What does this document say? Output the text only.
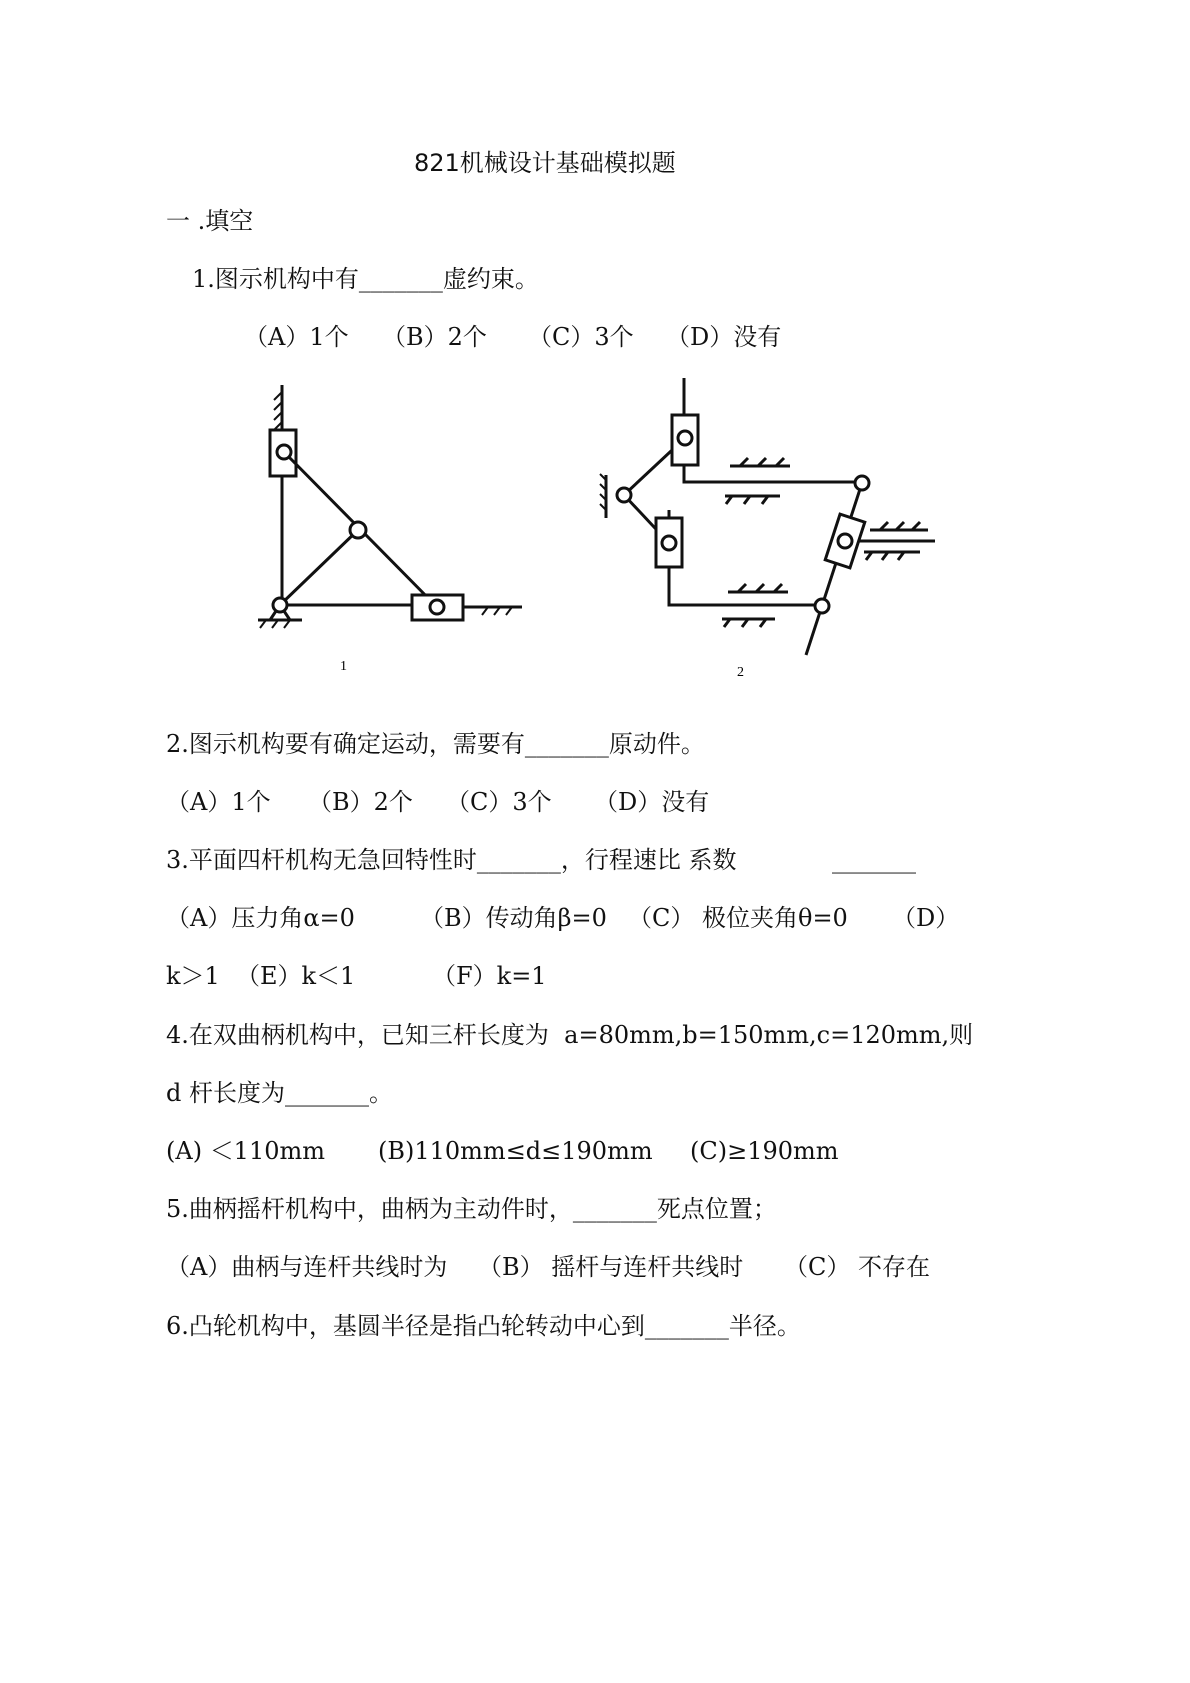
821机械设计基础模拟题
一 .填空
1.图示机构中有_______虚约束。
（A）1个 （B）2个 （C）3个 （D）没有
1	2
2.图示机构要有确定运动，需要有_______原动件。
（A）1个 （B）2个 （C）3个 （D）没有
3.平面四杆机构无急回特性时_______，行程速比 系数	_______
（A）压力角α=0	（B）传动角β=0 （C） 极位夹角θ=0 （D）
k＞1 （E）k＜1	（F）k=1
4.在双曲柄机构中，已知三杆长度为  a=80mm,b=150mm,c=120mm,则
d 杆长度为_______。
(A) ＜110mm (B)110mm≤d≤190mm (C)≥190mm
5.曲柄摇杆机构中，曲柄为主动件时，_______死点位置；
（A）曲柄与连杆共线时为 （B） 摇杆与连杆共线时 （C） 不存在
6.凸轮机构中，基圆半径是指凸轮转动中心到_______半径。
